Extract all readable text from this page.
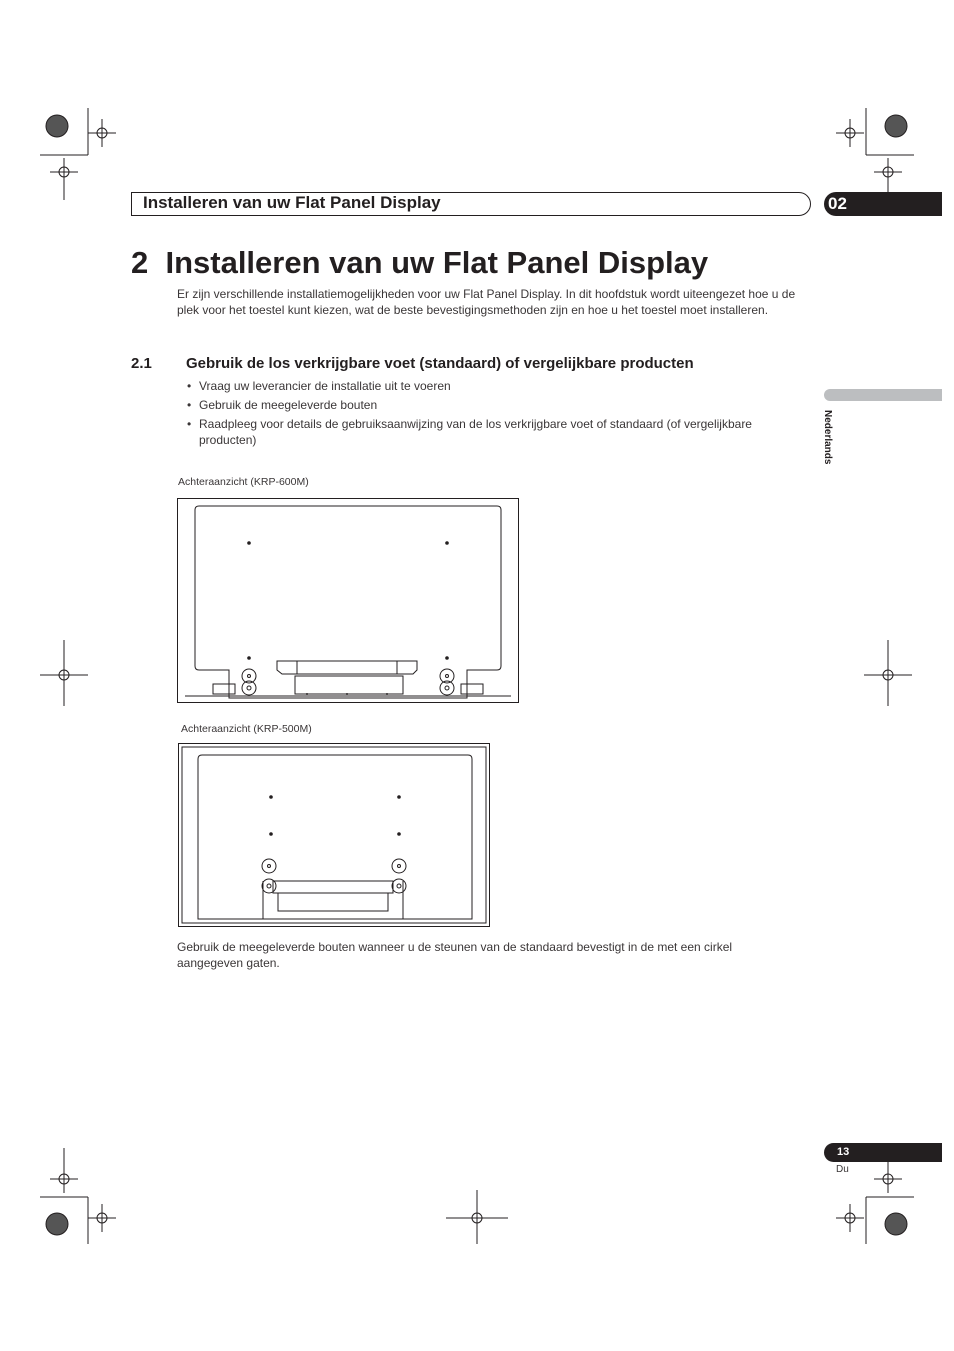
Installeren van uw Flat Panel Display	02
2  Installeren van uw Flat Panel Display
Er zijn verschillende installatiemogelijkheden voor uw Flat Panel Display. In dit hoofdstuk wordt uiteengezet hoe u de plek voor het toestel kunt kiezen, wat de beste bevestigingsmethoden zijn en hoe u het toestel moet installeren.
2.1 Gebruik de los verkrijgbare voet (standaard) of vergelijkbare producten
• Vraag uw leverancier de installatie uit te voeren
• Gebruik de meegeleverde bouten
• Raadpleeg voor details de gebruiksaanwijzing van de los verkrijgbare voet of standaard (of vergelijkbare producten)	Nederlands
Achteraanzicht (KRP-600M)
Achteraanzicht (KRP-500M)
Gebruik de meegeleverde bouten wanneer u de steunen van de standaard bevestigt in de met een cirkel aangegeven gaten.
13
Du
